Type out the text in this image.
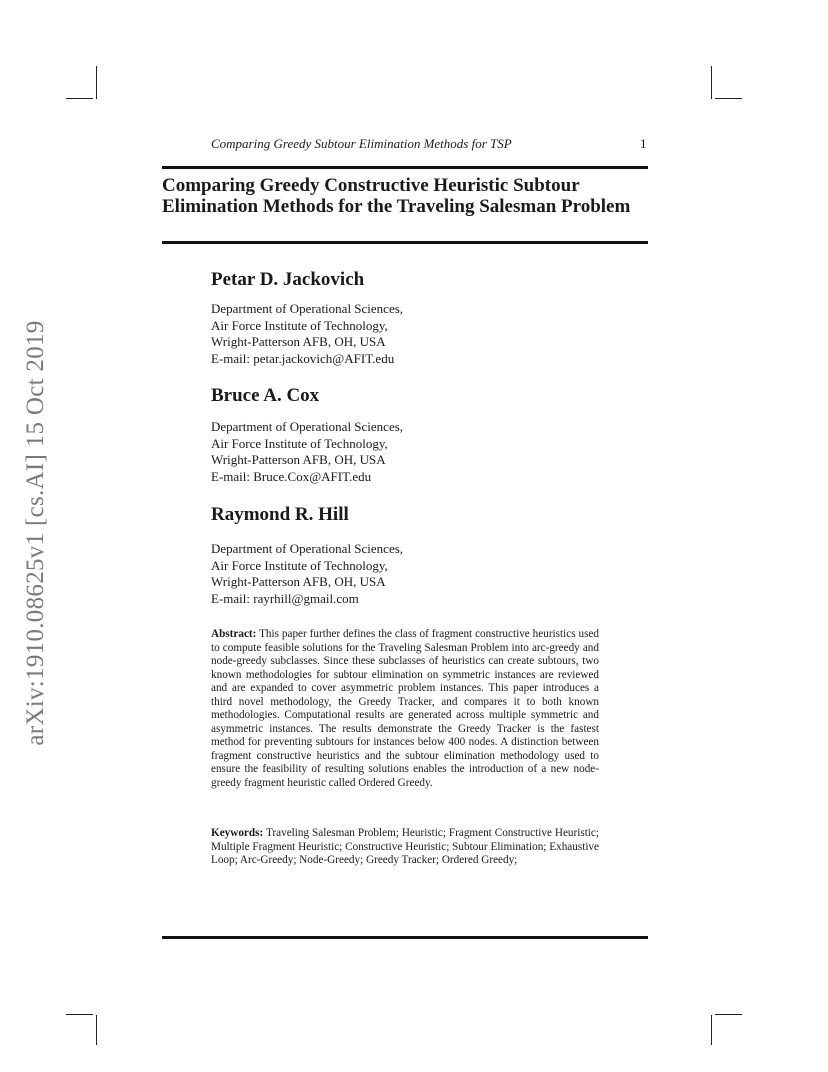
arXiv:1910.08625v1 [cs.AI] 15 Oct 2019
Comparing Greedy Subtour Elimination Methods for TSP	1
Comparing Greedy Constructive Heuristic Subtour Elimination Methods for the Traveling Salesman Problem
Petar D. Jackovich
Department of Operational Sciences,
Air Force Institute of Technology,
Wright-Patterson AFB, OH, USA
E-mail: petar.jackovich@AFIT.edu
Bruce A. Cox
Department of Operational Sciences,
Air Force Institute of Technology,
Wright-Patterson AFB, OH, USA
E-mail: Bruce.Cox@AFIT.edu
Raymond R. Hill
Department of Operational Sciences,
Air Force Institute of Technology,
Wright-Patterson AFB, OH, USA
E-mail: rayrhill@gmail.com
Abstract: This paper further defines the class of fragment constructive heuristics used to compute feasible solutions for the Traveling Salesman Problem into arc-greedy and node-greedy subclasses. Since these subclasses of heuristics can create subtours, two known methodologies for subtour elimination on symmetric instances are reviewed and are expanded to cover asymmetric problem instances. This paper introduces a third novel methodology, the Greedy Tracker, and compares it to both known methodologies. Computational results are generated across multiple symmetric and asymmetric instances. The results demonstrate the Greedy Tracker is the fastest method for preventing subtours for instances below 400 nodes. A distinction between fragment constructive heuristics and the subtour elimination methodology used to ensure the feasibility of resulting solutions enables the introduction of a new node-greedy fragment heuristic called Ordered Greedy.
Keywords: Traveling Salesman Problem; Heuristic; Fragment Constructive Heuristic; Multiple Fragment Heuristic; Constructive Heuristic; Subtour Elimination; Exhaustive Loop; Arc-Greedy; Node-Greedy; Greedy Tracker; Ordered Greedy;
